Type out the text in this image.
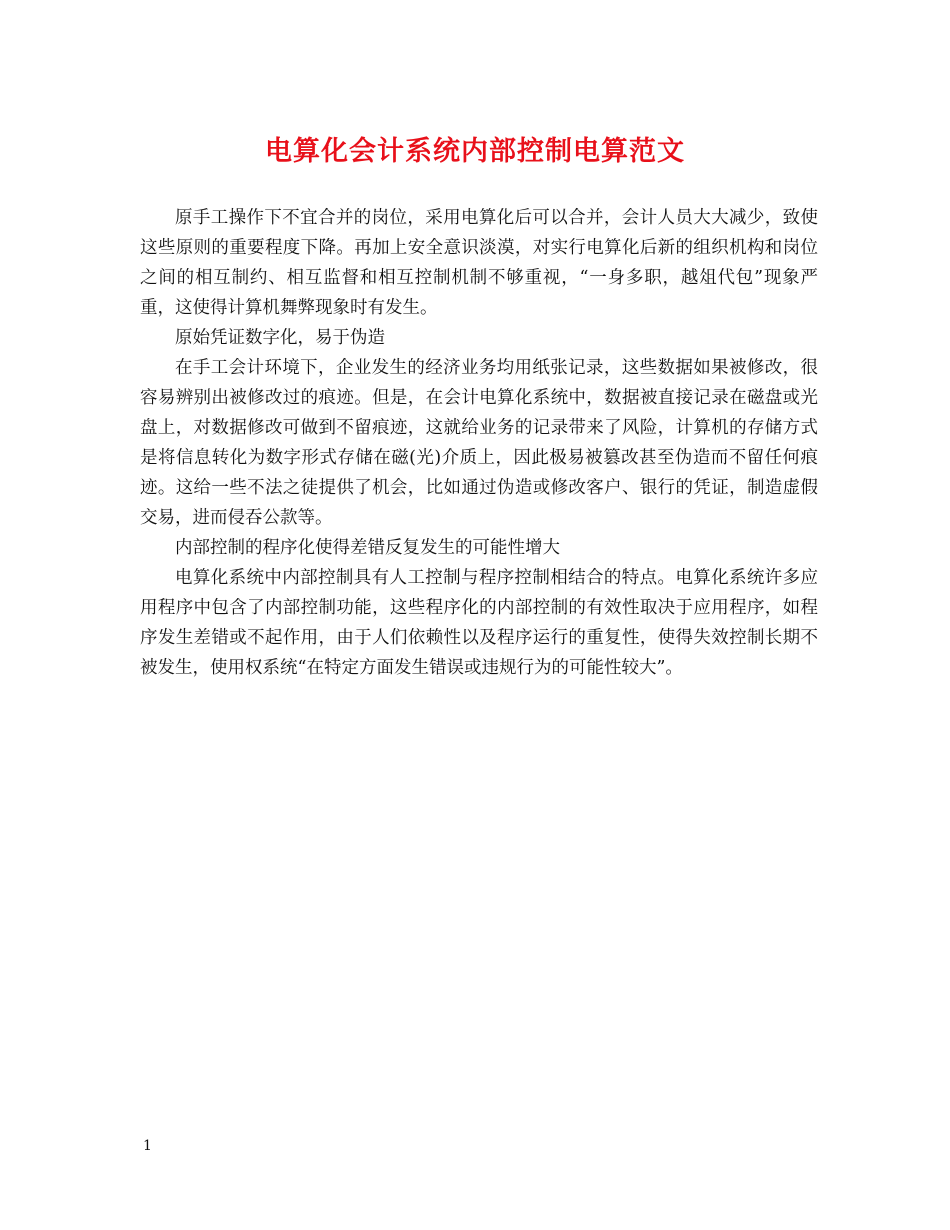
电算化会计系统内部控制电算范文

原手工操作下不宜合并的岗位，采用电算化后可以合并，会计人员大大减少，致使这些原则的重要程度下降。再加上安全意识淡漠，对实行电算化后新的组织机构和岗位之间的相互制约、相互监督和相互控制机制不够重视，“一身多职，越俎代包”现象严重，这使得计算机舞弊现象时有发生。

原始凭证数字化，易于伪造

在手工会计环境下，企业发生的经济业务均用纸张记录，这些数据如果被修改，很容易辨别出被修改过的痕迹。但是，在会计电算化系统中，数据被直接记录在磁盘或光盘上，对数据修改可做到不留痕迹，这就给业务的记录带来了风险，计算机的存储方式是将信息转化为数字形式存储在磁(光)介质上，因此极易被篡改甚至伪造而不留任何痕迹。这给一些不法之徒提供了机会，比如通过伪造或修改客户、银行的凭证，制造虚假交易，进而侵吞公款等。

内部控制的程序化使得差错反复发生的可能性增大

电算化系统中内部控制具有人工控制与程序控制相结合的特点。电算化系统许多应用程序中包含了内部控制功能，这些程序化的内部控制的有效性取决于应用程序，如程序发生差错或不起作用，由于人们依赖性以及程序运行的重复性，使得失效控制长期不被发生，使用权系统“在特定方面发生错误或违规行为的可能性较大”。

1
